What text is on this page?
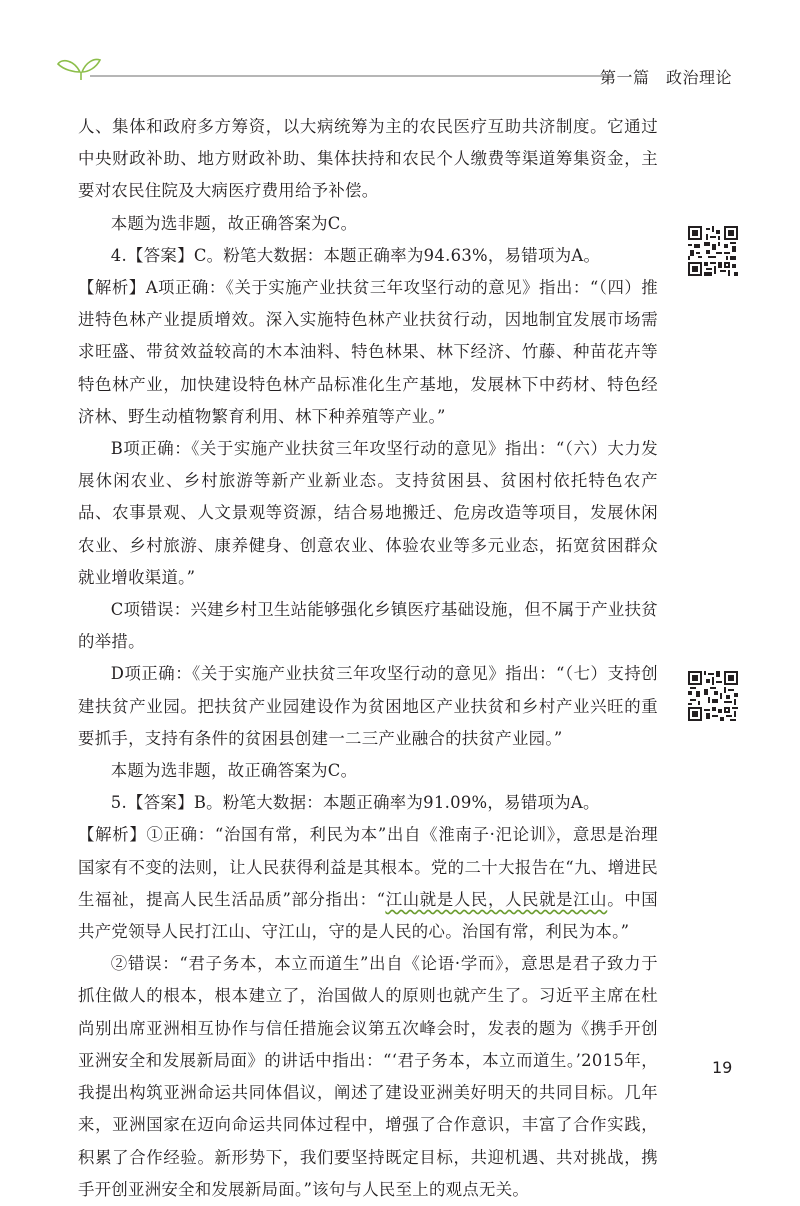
第一篇　政治理论

人、集体和政府多方筹资，以大病统筹为主的农民医疗互助共济制度。它通过中央财政补助、地方财政补助、集体扶持和农民个人缴费等渠道筹集资金，主要对农民住院及大病医疗费用给予补偿。

本题为选非题，故正确答案为C。

4.【答案】C。粉笔大数据：本题正确率为94.63%，易错项为A。

【解析】A项正确：《关于实施产业扶贫三年攻坚行动的意见》指出：“（四）推进特色林产业提质增效。深入实施特色林产业扶贫行动，因地制宜发展市场需求旺盛、带贫效益较高的木本油料、特色林果、林下经济、竹藤、种苗花卉等特色林产业，加快建设特色林产品标准化生产基地，发展林下中药材、特色经济林、野生动植物繁育利用、林下种养殖等产业。”

B项正确：《关于实施产业扶贫三年攻坚行动的意见》指出：“（六）大力发展休闲农业、乡村旅游等新产业新业态。支持贫困县、贫困村依托特色农产品、农事景观、人文景观等资源，结合易地搬迁、危房改造等项目，发展休闲农业、乡村旅游、康养健身、创意农业、体验农业等多元业态，拓宽贫困群众就业增收渠道。”

C项错误：兴建乡村卫生站能够强化乡镇医疗基础设施，但不属于产业扶贫的举措。

D项正确：《关于实施产业扶贫三年攻坚行动的意见》指出：“（七）支持创建扶贫产业园。把扶贫产业园建设作为贫困地区产业扶贫和乡村产业兴旺的重要抓手，支持有条件的贫困县创建一二三产业融合的扶贫产业园。”

本题为选非题，故正确答案为C。

5.【答案】B。粉笔大数据：本题正确率为91.09%，易错项为A。

【解析】①正确：“治国有常，利民为本”出自《淮南子·汜论训》，意思是治理国家有不变的法则，让人民获得利益是其根本。党的二十大报告在“九、增进民生福祉，提高人民生活品质”部分指出：“江山就是人民，人民就是江山。中国共产党领导人民打江山、守江山，守的是人民的心。治国有常，利民为本。”

②错误：“君子务本，本立而道生”出自《论语·学而》，意思是君子致力于抓住做人的根本，根本建立了，治国做人的原则也就产生了。习近平主席在杜尚别出席亚洲相互协作与信任措施会议第五次峰会时，发表的题为《携手开创亚洲安全和发展新局面》的讲话中指出：“‘君子务本，本立而道生。’2015年，我提出构筑亚洲命运共同体倡议，阐述了建设亚洲美好明天的共同目标。几年来，亚洲国家在迈向命运共同体过程中，增强了合作意识，丰富了合作实践，积累了合作经验。新形势下，我们要坚持既定目标，共迎机遇、共对挑战，携手开创亚洲安全和发展新局面。”该句与人民至上的观点无关。

19
